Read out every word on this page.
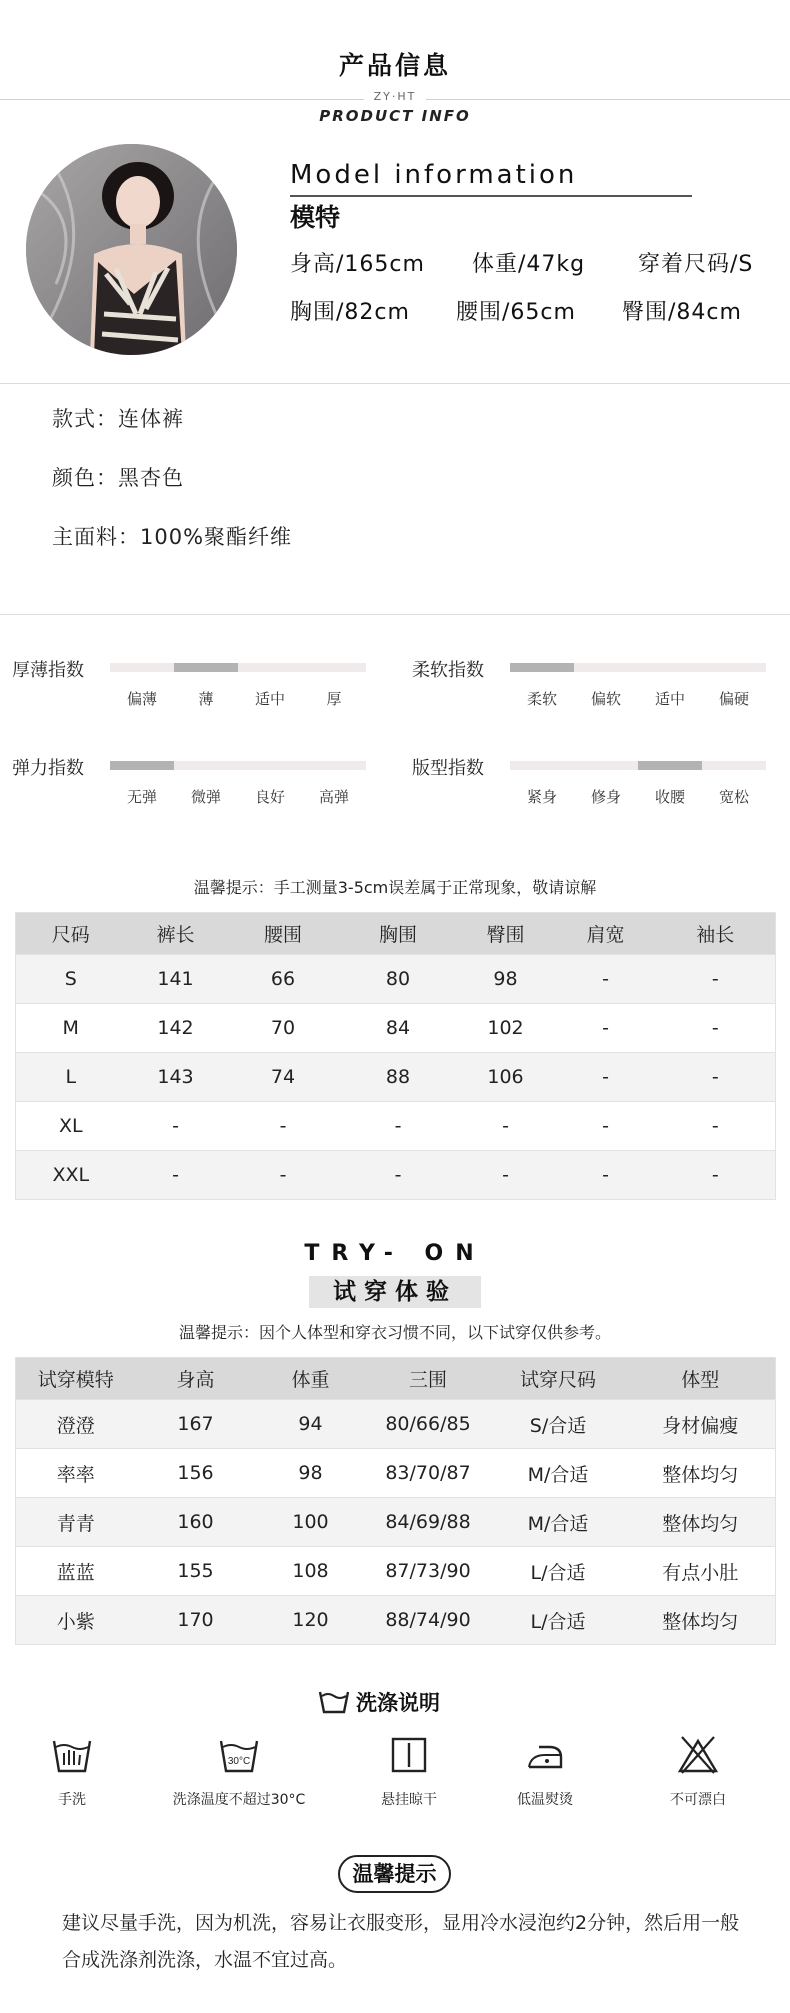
产品信息
ZY·HT
PRODUCT INFO
Model information
模特
身高/165cm 体重/47kg 穿着尺码/S
胸围/82cm 腰围/65cm 臀围/84cm
款式：连体裤
颜色：黑杏色
主面料：100%聚酯纤维
厚薄指数
偏薄	薄	适中	厚
柔软指数
柔软	偏软	适中	偏硬
弹力指数
无弹	微弹	良好	高弹
版型指数
紧身	修身	收腰	宽松
温馨提示：手工测量3-5cm误差属于正常现象，敬请谅解
尺码	裤长	腰围	胸围	臀围	肩宽	袖长
S	141	66	80	98	-	-
M	142	70	84	102	-	-
L	143	74	88	106	-	-
XL	-	-	-	-	-	-
XXL	-	-	-	-	-	-
TRY- ON
试穿体验
温馨提示：因个人体型和穿衣习惯不同，以下试穿仅供参考。
试穿模特	身高	体重	三围	试穿尺码	体型
澄澄	167	94	80/66/85	S/合适	身材偏瘦
率率	156	98	83/70/87	M/合适	整体均匀
青青	160	100	84/69/88	M/合适	整体均匀
蓝蓝	155	108	87/73/90	L/合适	有点小肚
小紫	170	120	88/74/90	L/合适	整体均匀
洗涤说明
手洗
30°C
洗涤温度不超过30°C	悬挂晾干	低温熨烫	不可漂白
温馨提示
建议尽量手洗，因为机洗，容易让衣服变形，显用冷水浸泡约2分钟，然后用一般合成洗涤剂洗涤，水温不宜过高。
